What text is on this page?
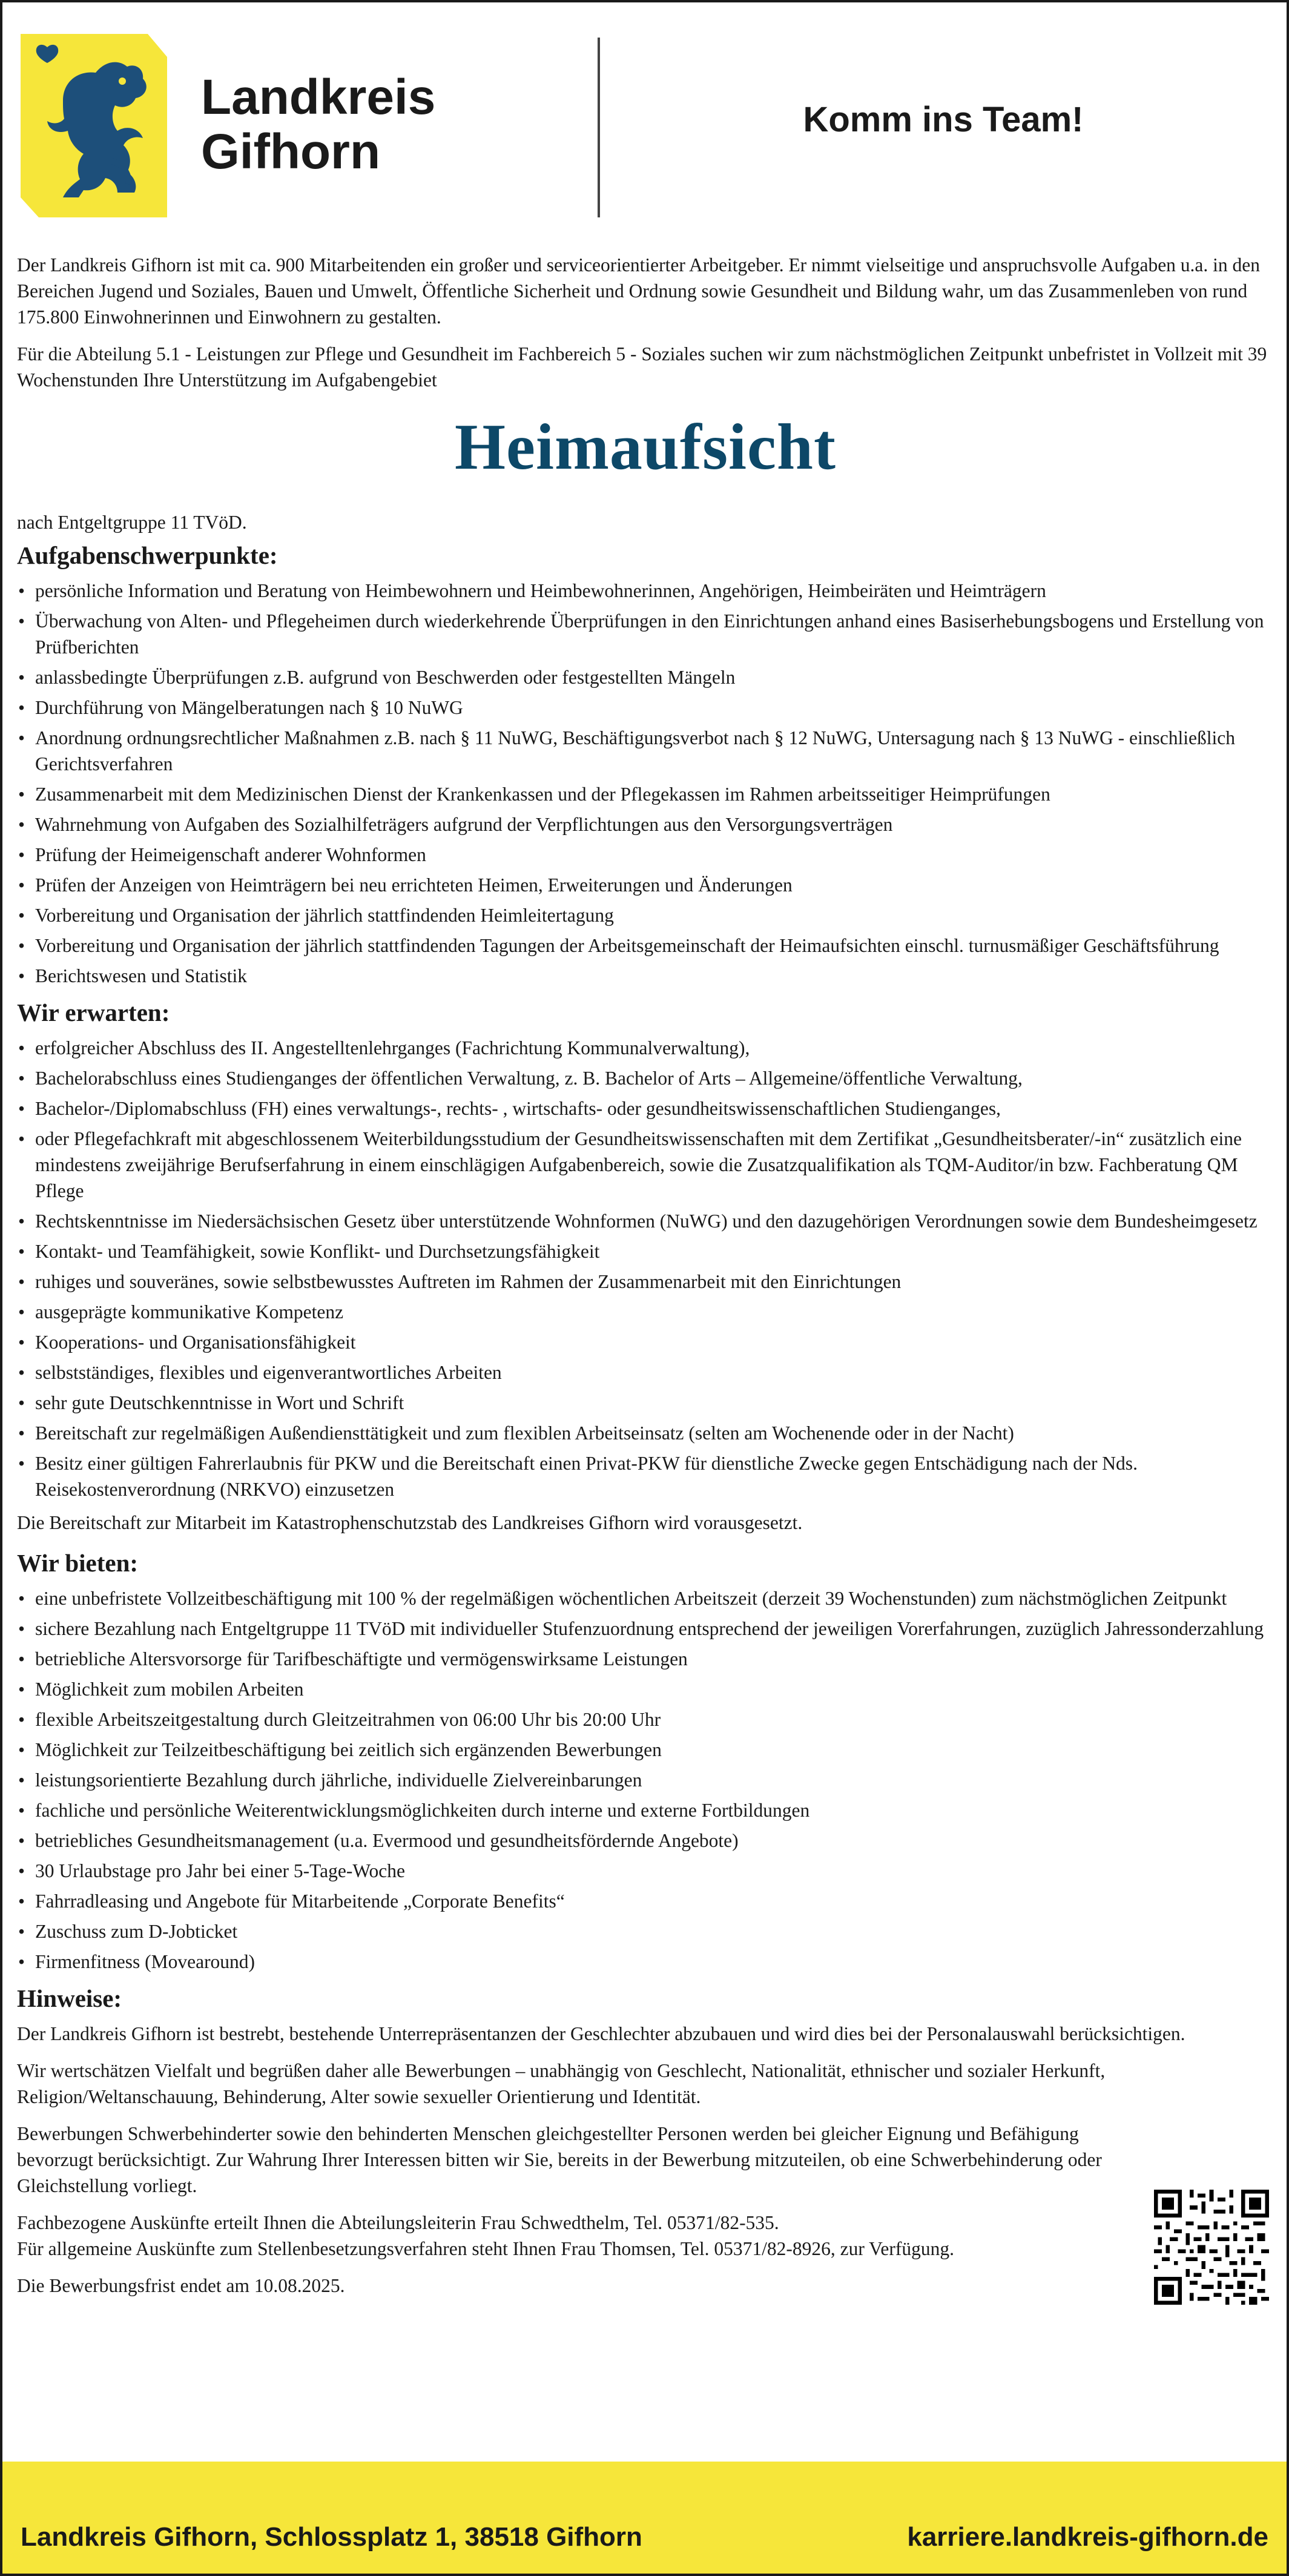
Landkreis
Gifhorn
Komm ins Team!

Der Landkreis Gifhorn ist mit ca. 900 Mitarbeitenden ein großer und serviceorientierter Arbeitgeber. Er nimmt vielseitige und anspruchsvolle Aufgaben u.a. in den Bereichen Jugend und Soziales, Bauen und Umwelt, Öffentliche Sicherheit und Ordnung sowie Gesundheit und Bildung wahr, um das Zusammenleben von rund 175.800 Einwohnerinnen und Einwohnern zu gestalten.

Für die Abteilung 5.1 - Leistungen zur Pflege und Gesundheit im Fachbereich 5 - Soziales suchen wir zum nächstmöglichen Zeitpunkt unbefristet in Vollzeit mit 39 Wochenstunden Ihre Unterstützung im Aufgabengebiet

Heimaufsicht

nach Entgeltgruppe 11 TVöD.

Aufgabenschwerpunkte:
• persönliche Information und Beratung von Heimbewohnern und Heimbewohnerinnen, Angehörigen, Heimbeiräten und Heimträgern
• Überwachung von Alten- und Pflegeheimen durch wiederkehrende Überprüfungen in den Einrichtungen anhand eines Basiserhebungsbogens und Erstellung von Prüfberichten
• anlassbedingte Überprüfungen z.B. aufgrund von Beschwerden oder festgestellten Mängeln
• Durchführung von Mängelberatungen nach § 10 NuWG
• Anordnung ordnungsrechtlicher Maßnahmen z.B. nach § 11 NuWG, Beschäftigungsverbot nach § 12 NuWG, Untersagung nach § 13 NuWG - einschließlich Gerichtsverfahren
• Zusammenarbeit mit dem Medizinischen Dienst der Krankenkassen und der Pflegekassen im Rahmen arbeitsseitiger Heimprüfungen
• Wahrnehmung von Aufgaben des Sozialhilfeträgers aufgrund der Verpflichtungen aus den Versorgungsverträgen
• Prüfung der Heimeigenschaft anderer Wohnformen
• Prüfen der Anzeigen von Heimträgern bei neu errichteten Heimen, Erweiterungen und Änderungen
• Vorbereitung und Organisation der jährlich stattfindenden Heimleitertagung
• Vorbereitung und Organisation der jährlich stattfindenden Tagungen der Arbeitsgemeinschaft der Heimaufsichten einschl. turnusmäßiger Geschäftsführung
• Berichtswesen und Statistik
Wir erwarten:
• erfolgreicher Abschluss des II. Angestelltenlehrganges (Fachrichtung Kommunalverwaltung),
• Bachelorabschluss eines Studienganges der öffentlichen Verwaltung, z. B. Bachelor of Arts – Allgemeine/öffentliche Verwaltung,
• Bachelor-/Diplomabschluss (FH) eines verwaltungs-, rechts- , wirtschafts- oder gesundheitswissenschaftlichen Studienganges,
• oder Pflegefachkraft mit abgeschlossenem Weiterbildungsstudium der Gesundheitswissenschaften mit dem Zertifikat „Gesundheitsberater/-in“ zusätzlich eine mindestens zweijährige Berufserfahrung in einem einschlägigen Aufgabenbereich, sowie die Zusatzqualifikation als TQM-Auditor/in bzw. Fachberatung QM Pflege
• Rechtskenntnisse im Niedersächsischen Gesetz über unterstützende Wohnformen (NuWG) und den dazugehörigen Verordnungen sowie dem Bundesheimgesetz
• Kontakt- und Teamfähigkeit, sowie Konflikt- und Durchsetzungsfähigkeit
• ruhiges und souveränes, sowie selbstbewusstes Auftreten im Rahmen der Zusammenarbeit mit den Einrichtungen
• ausgeprägte kommunikative Kompetenz
• Kooperations- und Organisationsfähigkeit
• selbstständiges, flexibles und eigenverantwortliches Arbeiten
• sehr gute Deutschkenntnisse in Wort und Schrift
• Bereitschaft zur regelmäßigen Außendiensttätigkeit und zum flexiblen Arbeitseinsatz (selten am Wochenende oder in der Nacht)
• Besitz einer gültigen Fahrerlaubnis für PKW und die Bereitschaft einen Privat-PKW für dienstliche Zwecke gegen Entschädigung nach der Nds. Reisekostenverordnung (NRKVO) einzusetzen

Die Bereitschaft zur Mitarbeit im Katastrophenschutzstab des Landkreises Gifhorn wird vorausgesetzt.

Wir bieten:
• eine unbefristete Vollzeitbeschäftigung mit 100 % der regelmäßigen wöchentlichen Arbeitszeit (derzeit 39 Wochenstunden) zum nächstmöglichen Zeitpunkt
• sichere Bezahlung nach Entgeltgruppe 11 TVöD mit individueller Stufenzuordnung entsprechend der jeweiligen Vorerfahrungen, zuzüglich Jahressonderzahlung
• betriebliche Altersvorsorge für Tarifbeschäftigte und vermögenswirksame Leistungen
• Möglichkeit zum mobilen Arbeiten
• flexible Arbeitszeitgestaltung durch Gleitzeitrahmen von 06:00 Uhr bis 20:00 Uhr
• Möglichkeit zur Teilzeitbeschäftigung bei zeitlich sich ergänzenden Bewerbungen
• leistungsorientierte Bezahlung durch jährliche, individuelle Zielvereinbarungen
• fachliche und persönliche Weiterentwicklungsmöglichkeiten durch interne und externe Fortbildungen
• betriebliches Gesundheitsmanagement (u.a. Evermood und gesundheitsfördernde Angebote)
• 30 Urlaubstage pro Jahr bei einer 5-Tage-Woche
• Fahrradleasing und Angebote für Mitarbeitende „Corporate Benefits“
• Zuschuss zum D-Jobticket
• Firmenfitness (Movearound)
Hinweise:

Der Landkreis Gifhorn ist bestrebt, bestehende Unterrepräsentanzen der Geschlechter abzubauen und wird dies bei der Personalauswahl berücksichtigen.

Wir wertschätzen Vielfalt und begrüßen daher alle Bewerbungen – unabhängig von Geschlecht, Nationalität, ethnischer und sozialer Herkunft, Religion/Weltanschauung, Behinderung, Alter sowie sexueller Orientierung und Identität.

Bewerbungen Schwerbehinderter sowie den behinderten Menschen gleichgestellter Personen werden bei gleicher Eignung und Befähigung bevorzugt berücksichtigt. Zur Wahrung Ihrer Interessen bitten wir Sie, bereits in der Bewerbung mitzuteilen, ob eine Schwerbehinderung oder Gleichstellung vorliegt.

Fachbezogene Auskünfte erteilt Ihnen die Abteilungsleiterin Frau Schwedthelm, Tel. 05371/82-535.
Für allgemeine Auskünfte zum Stellenbesetzungsverfahren steht Ihnen Frau Thomsen, Tel. 05371/82-8926, zur Verfügung.
Die Bewerbungsfrist endet am 10.08.2025.
Landkreis Gifhorn, Schlossplatz 1, 38518 Gifhorn	karriere.landkreis-gifhorn.de
